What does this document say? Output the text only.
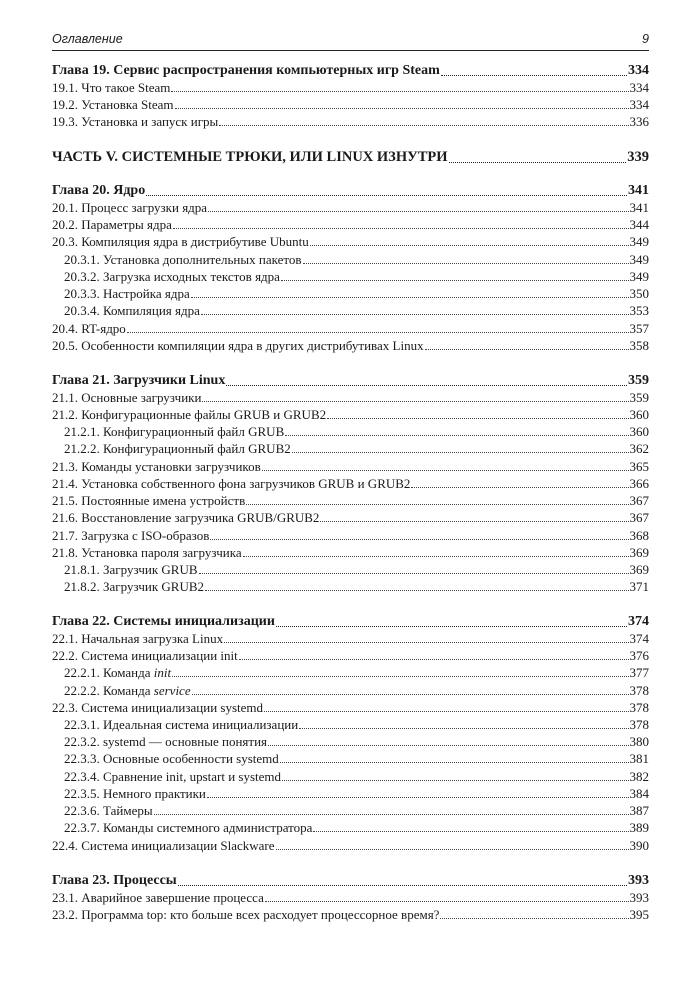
Оглавление	9
Глава 19. Сервис распространения компьютерных игр Steam	334
19.1. Что такое Steam	334
19.2. Установка Steam	334
19.3. Установка и запуск игры	336
ЧАСТЬ V. СИСТЕМНЫЕ ТРЮКИ, ИЛИ LINUX ИЗНУТРИ	339
Глава 20. Ядро	341
20.1. Процесс загрузки ядра	341
20.2. Параметры ядра	344
20.3. Компиляция ядра в дистрибутиве Ubuntu	349
20.3.1. Установка дополнительных пакетов	349
20.3.2. Загрузка исходных текстов ядра	349
20.3.3. Настройка ядра	350
20.3.4. Компиляция ядра	353
20.4. RT-ядро	357
20.5. Особенности компиляции ядра в других дистрибутивах Linux	358
Глава 21. Загрузчики Linux	359
21.1. Основные загрузчики	359
21.2. Конфигурационные файлы GRUB и GRUB2	360
21.2.1. Конфигурационный файл GRUB	360
21.2.2. Конфигурационный файл GRUB2	362
21.3. Команды установки загрузчиков	365
21.4. Установка собственного фона загрузчиков GRUB и GRUB2	366
21.5. Постоянные имена устройств	367
21.6. Восстановление загрузчика GRUB/GRUB2	367
21.7. Загрузка с ISO-образов	368
21.8. Установка пароля загрузчика	369
21.8.1. Загрузчик GRUB	369
21.8.2. Загрузчик GRUB2	371
Глава 22. Системы инициализации	374
22.1. Начальная загрузка Linux	374
22.2. Система инициализации init	376
22.2.1. Команда init	377
22.2.2. Команда service	378
22.3. Система инициализации systemd	378
22.3.1. Идеальная система инициализации	378
22.3.2. systemd — основные понятия	380
22.3.3. Основные особенности systemd	381
22.3.4. Сравнение init, upstart и systemd	382
22.3.5. Немного практики	384
22.3.6. Таймеры	387
22.3.7. Команды системного администратора	389
22.4. Система инициализации Slackware	390
Глава 23. Процессы	393
23.1. Аварийное завершение процесса	393
23.2. Программа top: кто больше всех расходует процессорное время?	395
